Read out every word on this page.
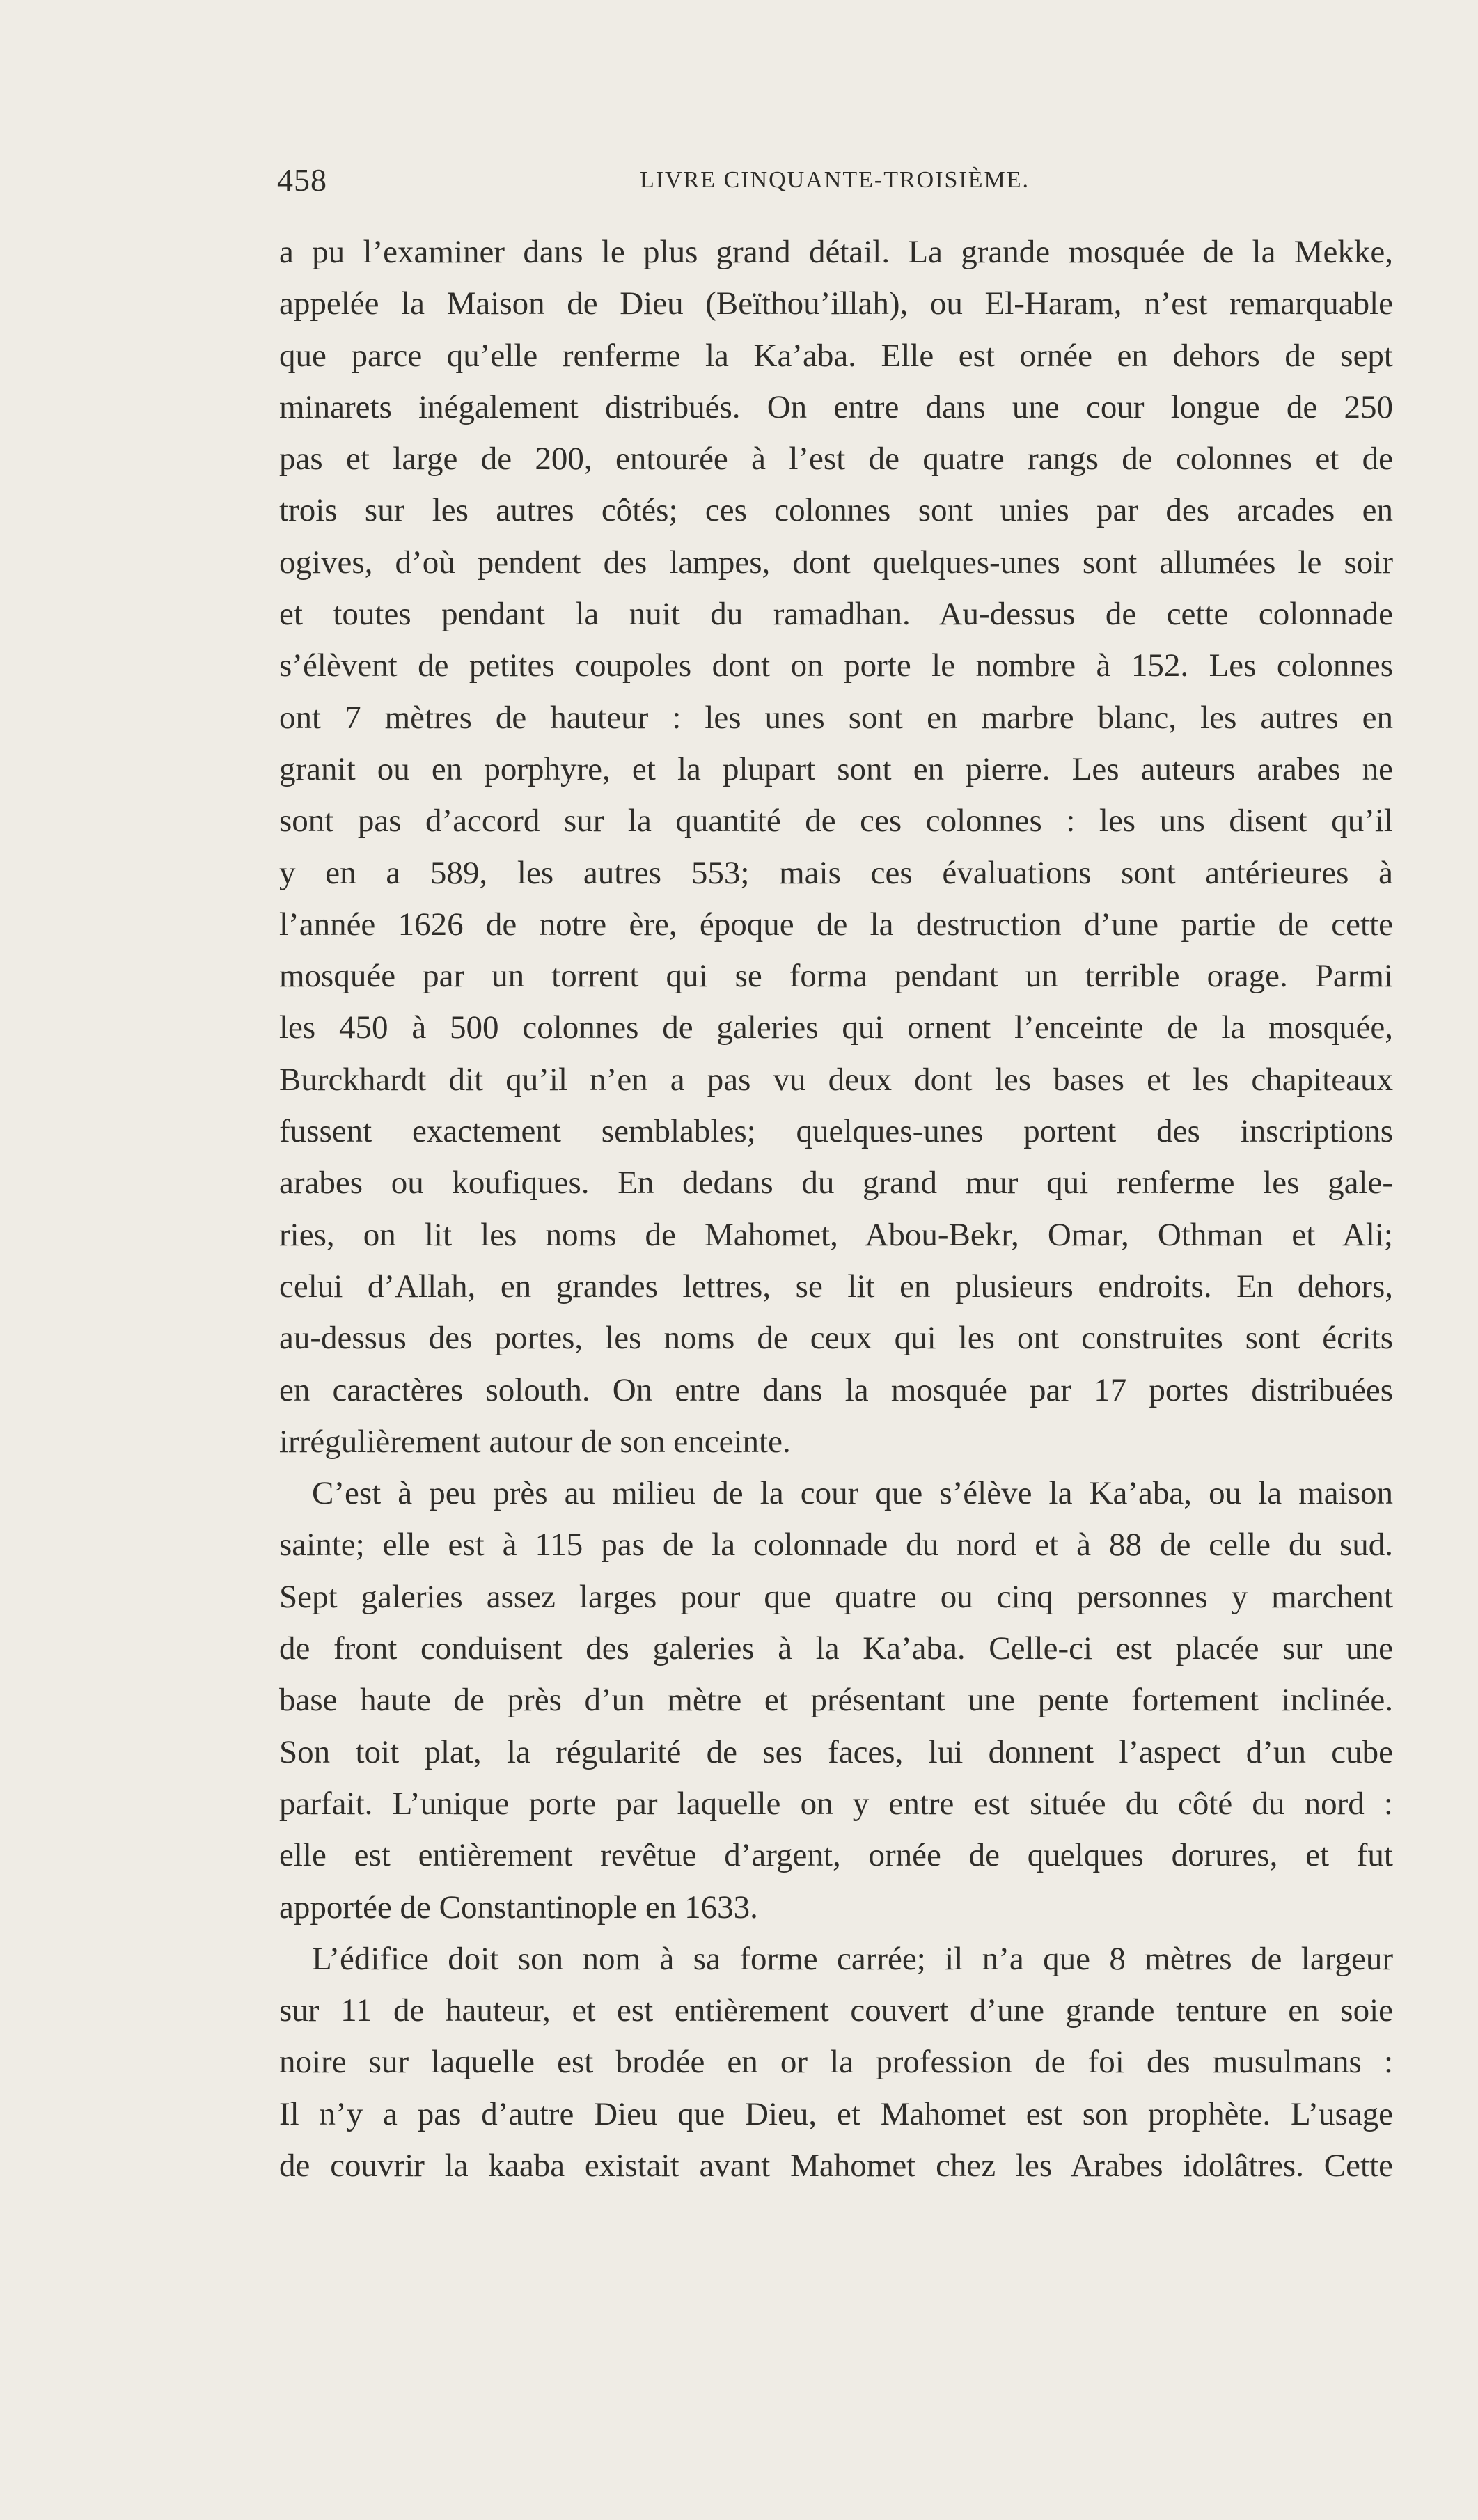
458	LIVRE CINQUANTE-TROISIÈME.
a pu l’examiner dans le plus grand détail. La grande mosquée de la Mekke,
appelée la Maison de Dieu (Beïthou’illah), ou El-Haram, n’est remarquable
que parce qu’elle renferme la Ka’aba. Elle est ornée en dehors de sept
minarets inégalement distribués. On entre dans une cour longue de 250
pas et large de 200, entourée à l’est de quatre rangs de colonnes et de
trois sur les autres côtés; ces colonnes sont unies par des arcades en
ogives, d’où pendent des lampes, dont quelques-unes sont allumées le soir
et toutes pendant la nuit du ramadhan. Au-dessus de cette colonnade
s’élèvent de petites coupoles dont on porte le nombre à 152. Les colonnes
ont 7 mètres de hauteur : les unes sont en marbre blanc, les autres en
granit ou en porphyre, et la plupart sont en pierre. Les auteurs arabes ne
sont pas d’accord sur la quantité de ces colonnes : les uns disent qu’il
y en a 589, les autres 553; mais ces évaluations sont antérieures à
l’année 1626 de notre ère, époque de la destruction d’une partie de cette
mosquée par un torrent qui se forma pendant un terrible orage. Parmi
les 450 à 500 colonnes de galeries qui ornent l’enceinte de la mosquée,
Burckhardt dit qu’il n’en a pas vu deux dont les bases et les chapiteaux
fussent exactement semblables; quelques-unes portent des inscriptions
arabes ou koufiques. En dedans du grand mur qui renferme les gale-
ries, on lit les noms de Mahomet, Abou-Bekr, Omar, Othman et Ali;
celui d’Allah, en grandes lettres, se lit en plusieurs endroits. En dehors,
au-dessus des portes, les noms de ceux qui les ont construites sont écrits
en caractères solouth. On entre dans la mosquée par 17 portes distribuées
irrégulièrement autour de son enceinte.
C’est à peu près au milieu de la cour que s’élève la Ka’aba, ou la maison
sainte; elle est à 115 pas de la colonnade du nord et à 88 de celle du sud.
Sept galeries assez larges pour que quatre ou cinq personnes y marchent
de front conduisent des galeries à la Ka’aba. Celle-ci est placée sur une
base haute de près d’un mètre et présentant une pente fortement inclinée.
Son toit plat, la régularité de ses faces, lui donnent l’aspect d’un cube
parfait. L’unique porte par laquelle on y entre est située du côté du nord :
elle est entièrement revêtue d’argent, ornée de quelques dorures, et fut
apportée de Constantinople en 1633.
L’édifice doit son nom à sa forme carrée; il n’a que 8 mètres de largeur
sur 11 de hauteur, et est entièrement couvert d’une grande tenture en soie
noire sur laquelle est brodée en or la profession de foi des musulmans :
Il n’y a pas d’autre Dieu que Dieu, et Mahomet est son prophète. L’usage
de couvrir la kaaba existait avant Mahomet chez les Arabes idolâtres. Cette
